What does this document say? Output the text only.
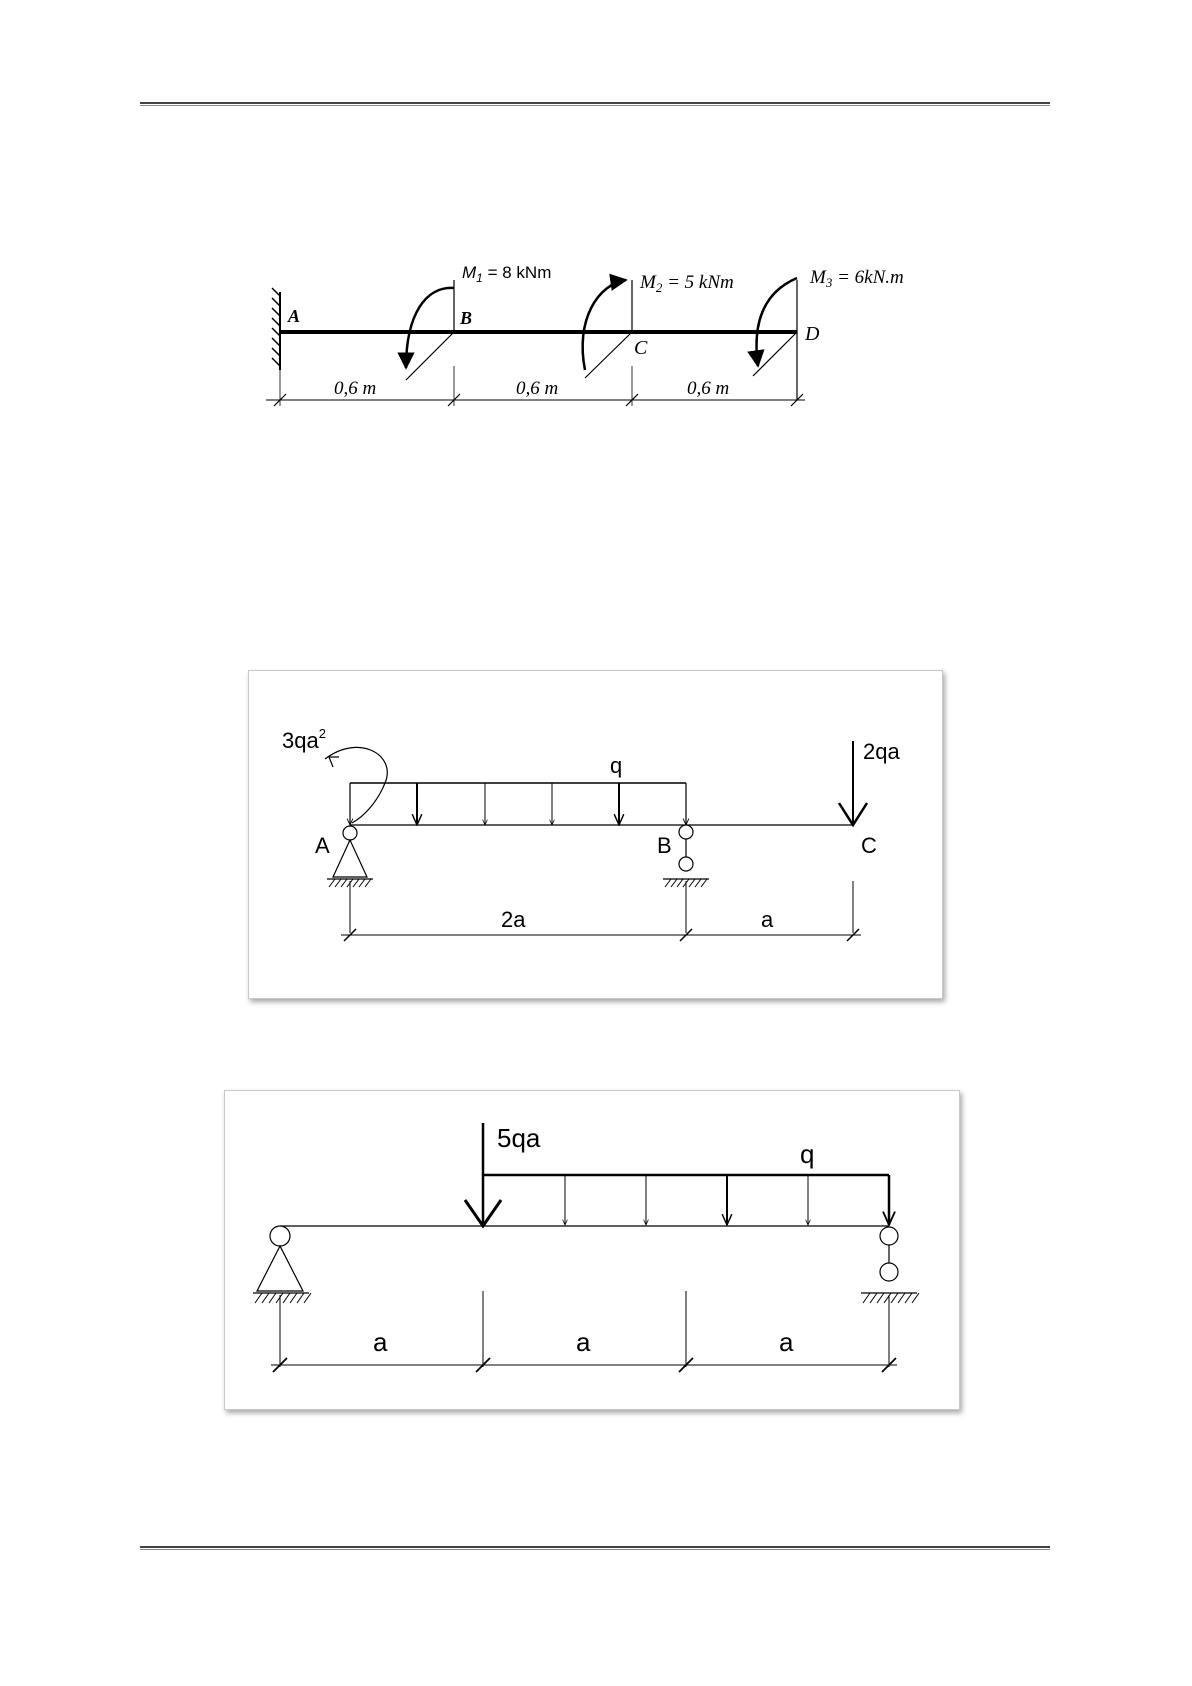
A	B
C
D
$M_1 = 8$ kNm	$M_2 = 5$ kNm	$M_3 = 6kN.m$
0,6 m	0,6 m	0,6 m
$3qa^2$
q
2qa
A	B	C
2a	a
5qa
q
a	a	a
